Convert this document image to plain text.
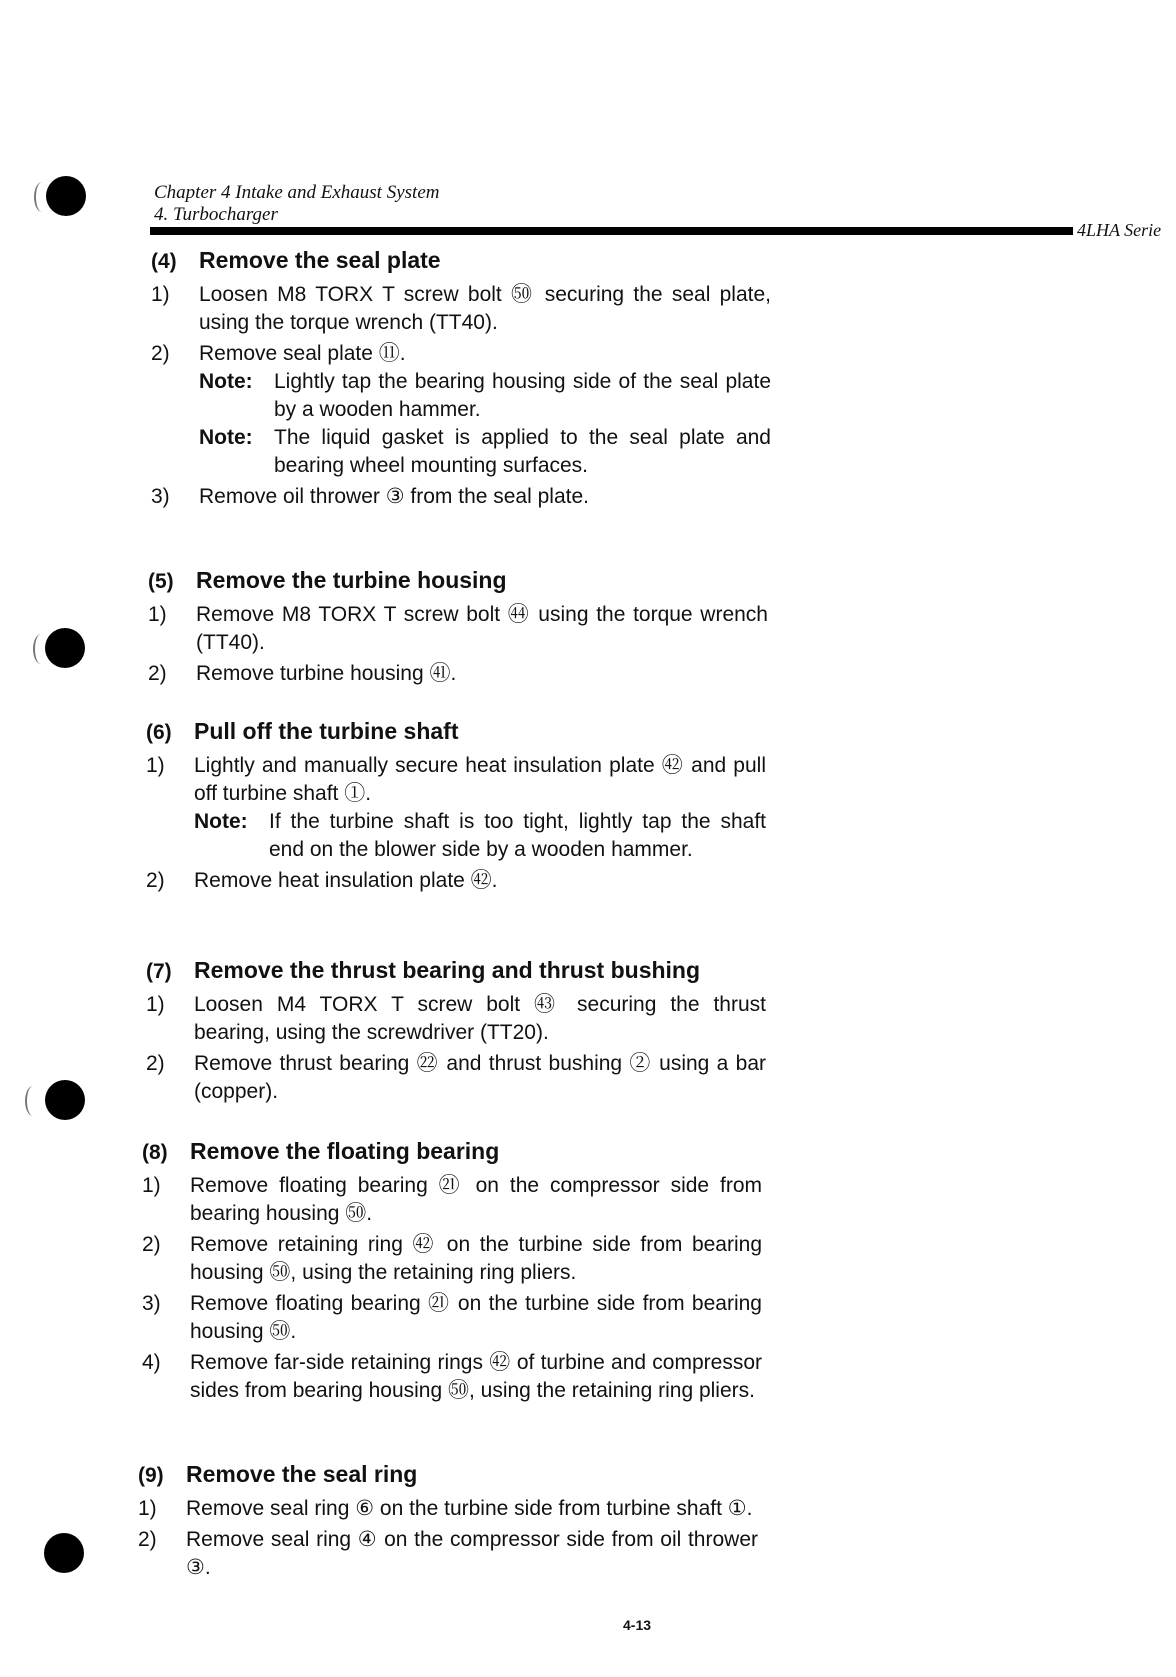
Chapter 4 Intake and Exhaust System
4. Turbocharger
4LHA Serie
(4) Remove the seal plate
1)	Loosen M8 TORX T screw bolt ㊿ securing the seal plate, using the torque wrench (TT40).

2)	Remove seal plate ⑪.

Note:	Lightly tap the bearing housing side of the seal plate by a wooden hammer.
Note:	The liquid gasket is applied to the seal plate and bearing wheel mounting surfaces.
3)	Remove oil thrower ③ from the seal plate.

(5) Remove the turbine housing
1)	Remove M8 TORX T screw bolt ㊹ using the torque wrench (TT40).

2)	Remove turbine housing ㊶.

(6) Pull off the turbine shaft
1)	Lightly and manually secure heat insulation plate ㊷ and pull off turbine shaft ①.

Note:	If the turbine shaft is too tight, lightly tap the shaft end on the blower side by a wooden hammer.
2)	Remove heat insulation plate ㊷.

(7) Remove the thrust bearing and thrust bushing
1)	Loosen M4 TORX T screw bolt ㊸ securing the thrust bearing, using the screwdriver (TT20).

2)	Remove thrust bearing ㉒ and thrust bushing ② using a bar (copper).

(8) Remove the floating bearing
1)	Remove floating bearing ㉑ on the compressor side from bearing housing ㊿.

2)	Remove retaining ring ㊷ on the turbine side from bearing housing ㊿, using the retaining ring pliers.

3)	Remove floating bearing ㉑ on the turbine side from bearing housing ㊿.

4)	Remove far-side retaining rings ㊷ of turbine and compressor sides from bearing housing ㊿, using the retaining ring pliers.

(9) Remove the seal ring
1)	Remove seal ring ⑥ on the turbine side from turbine shaft ①.

2)	Remove seal ring ④ on the compressor side from oil thrower ③.

4-13
